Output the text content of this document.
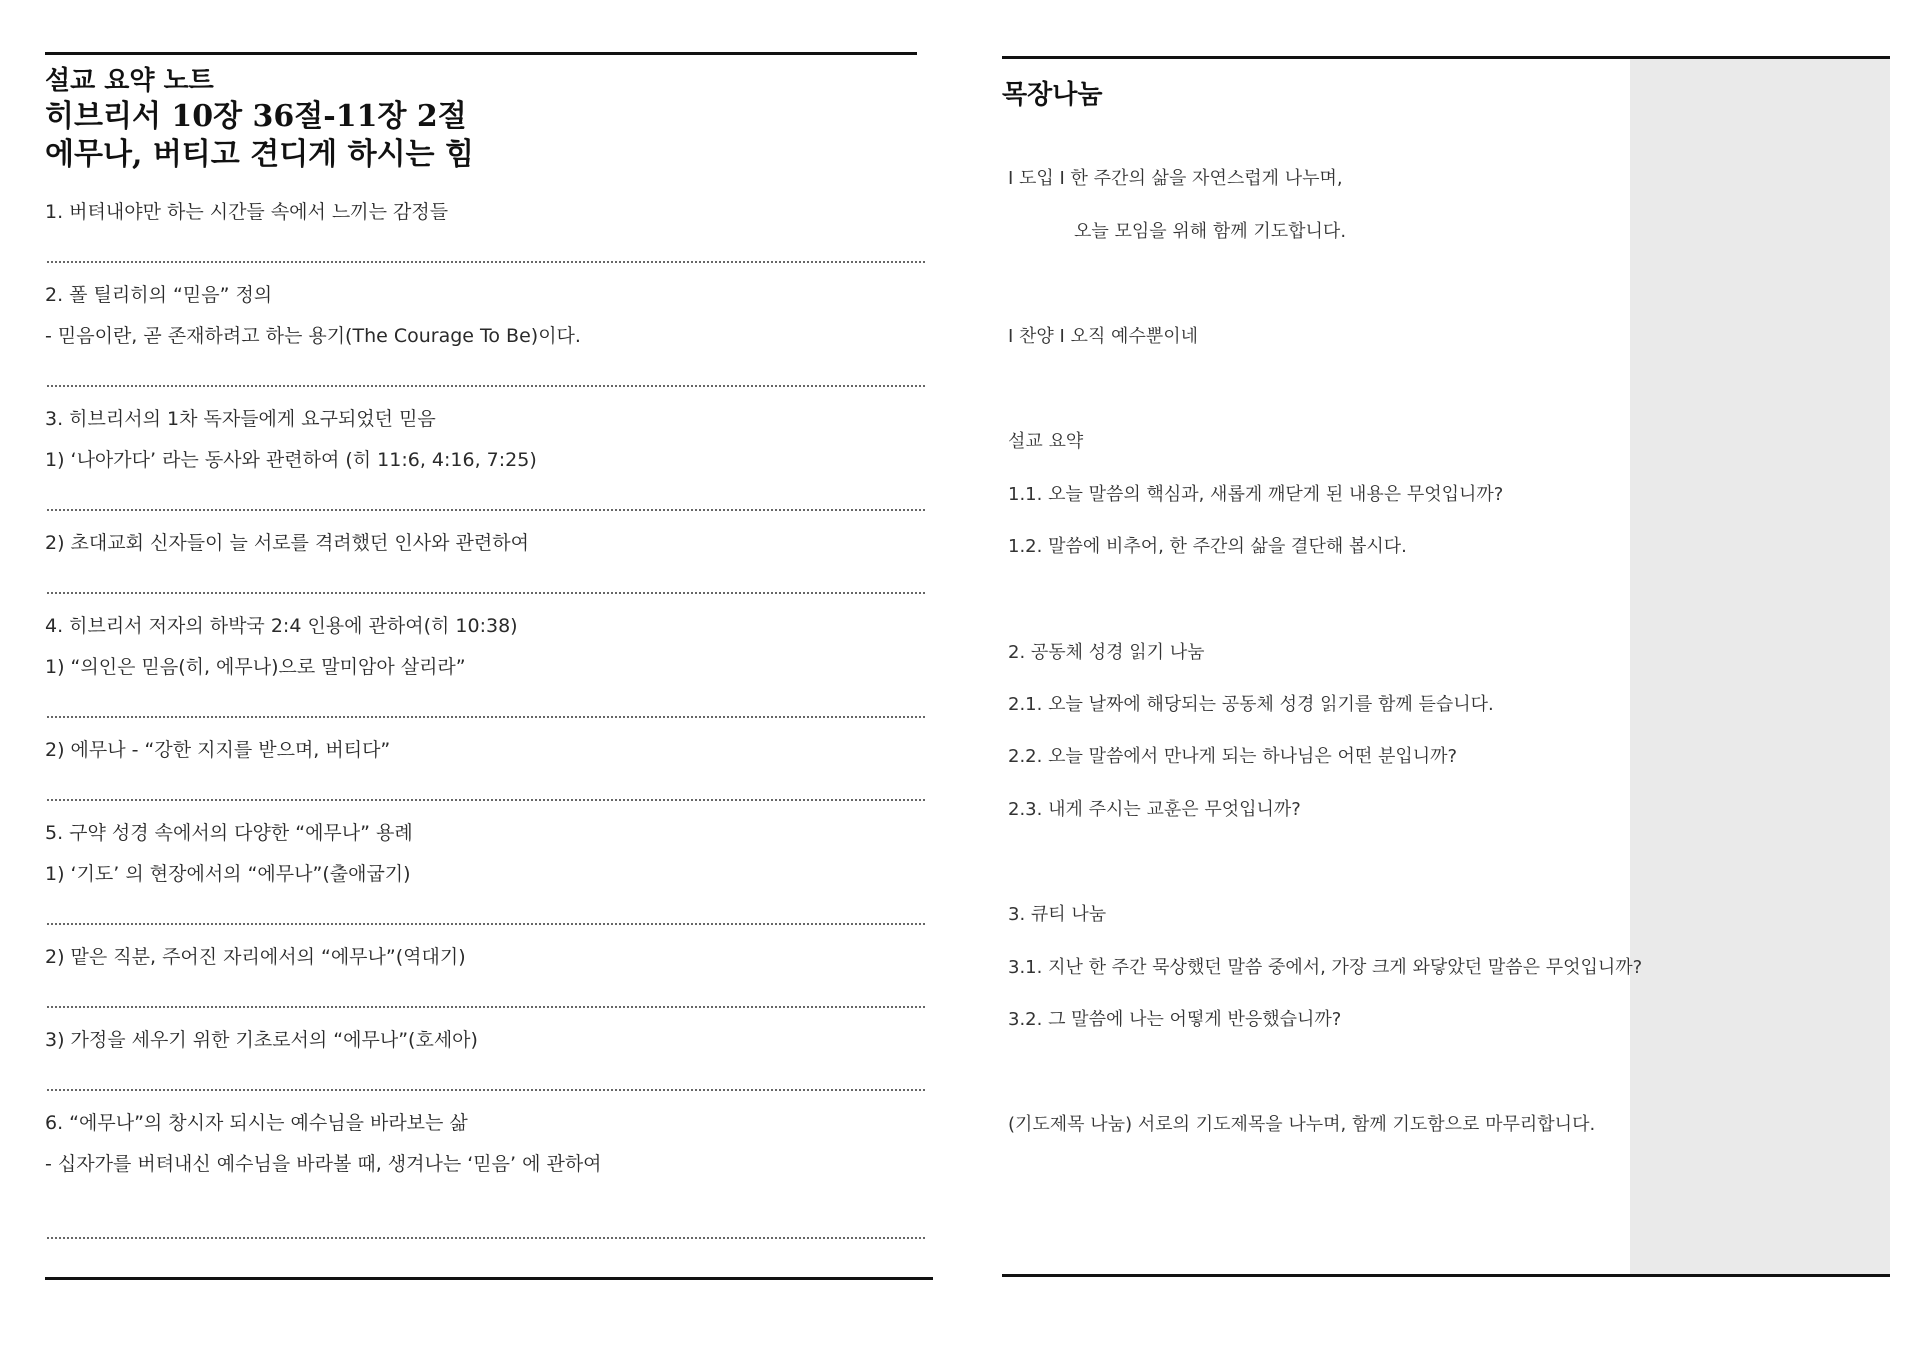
설교 요약 노트
히브리서 10장 36절-11장 2절
에무나, 버티고 견디게 하시는 힘
1. 버텨내야만 하는 시간들 속에서 느끼는 감정들
2. 폴 틸리히의 “믿음” 정의
- 믿음이란, 곧 존재하려고 하는 용기(The Courage To Be)이다.
3. 히브리서의 1차 독자들에게 요구되었던 믿음
1) ‘나아가다’ 라는 동사와 관련하여 (히 11:6, 4:16, 7:25)
2) 초대교회 신자들이 늘 서로를 격려했던 인사와 관련하여
4. 히브리서 저자의 하박국 2:4 인용에 관하여(히 10:38)
1) “의인은 믿음(히, 에무나)으로 말미암아 살리라”
2) 에무나 - “강한 지지를 받으며, 버티다”
5. 구약 성경 속에서의 다양한 “에무나” 용례
1) ‘기도’ 의 현장에서의 “에무나”(출애굽기)
2) 맡은 직분, 주어진 자리에서의 “에무나”(역대기)
3) 가정을 세우기 위한 기초로서의 “에무나”(호세아)
6. “에무나”의 창시자 되시는 예수님을 바라보는 삶
- 십자가를 버텨내신 예수님을 바라볼 때, 생겨나는 ‘믿음’ 에 관하여
목장나눔
I 도입 I 한 주간의 삶을 자연스럽게 나누며,
오늘 모임을 위해 함께 기도합니다.
I 찬양 I 오직 예수뿐이네
설교 요약
1.1. 오늘 말씀의 핵심과, 새롭게 깨닫게 된 내용은 무엇입니까?
1.2. 말씀에 비추어, 한 주간의 삶을 결단해 봅시다.
2. 공동체 성경 읽기 나눔
2.1. 오늘 날짜에 해당되는 공동체 성경 읽기를 함께 듣습니다.
2.2. 오늘 말씀에서 만나게 되는 하나님은 어떤 분입니까?
2.3. 내게 주시는 교훈은 무엇입니까?
3. 큐티 나눔
3.1. 지난 한 주간 묵상했던 말씀 중에서, 가장 크게 와닿았던 말씀은 무엇입니까?
3.2. 그 말씀에 나는 어떻게 반응했습니까?
(기도제목 나눔) 서로의 기도제목을 나누며, 함께 기도함으로 마무리합니다.
